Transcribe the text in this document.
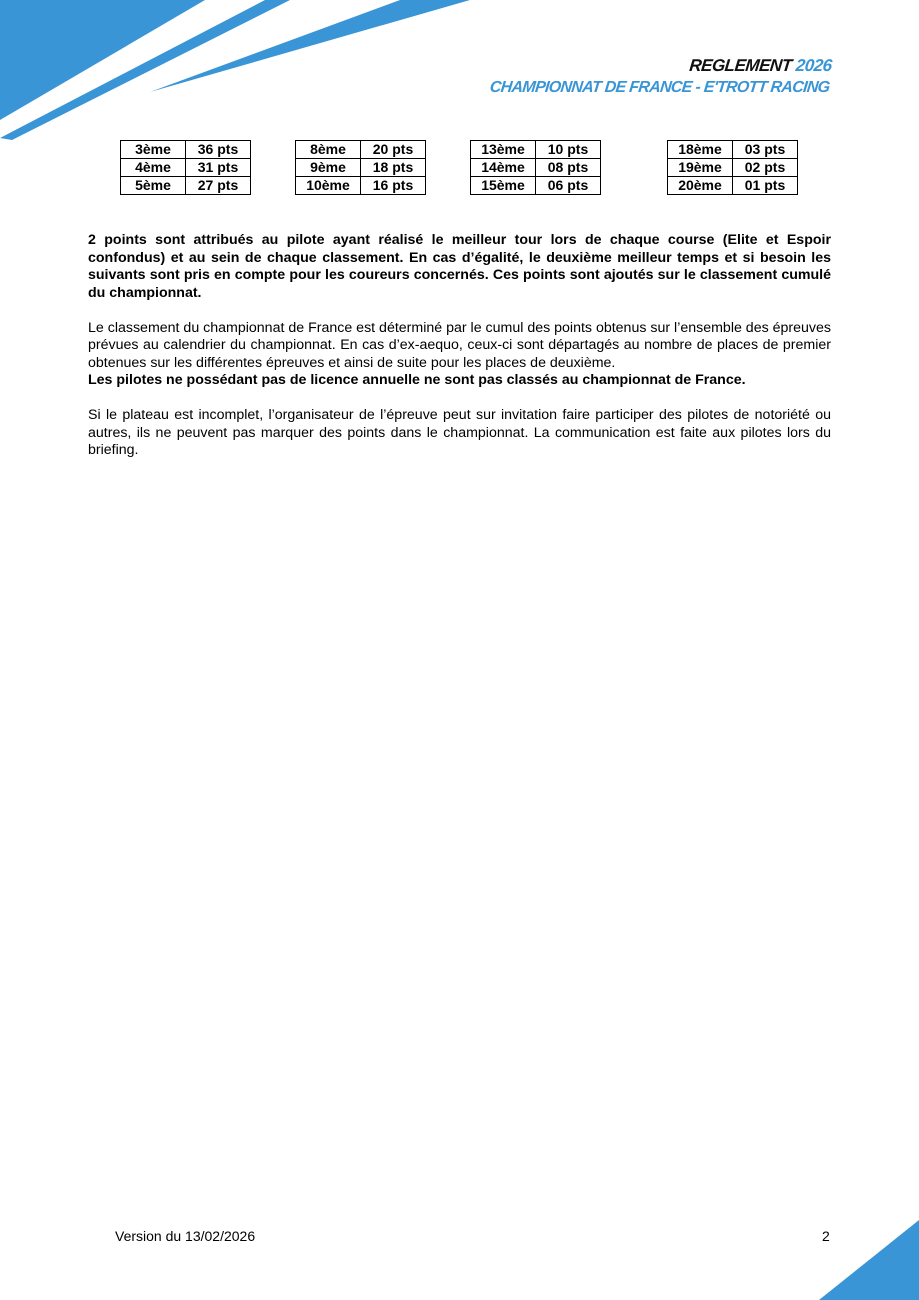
REGLEMENT 2026
CHAMPIONNAT DE FRANCE - E'TROTT RACING
3ème	36 pts
4ème	31 pts
5ème	27 pts
8ème	20 pts
9ème	18 pts
10ème	16 pts
13ème	10 pts
14ème	08 pts
15ème	06 pts
18ème	03 pts
19ème	02 pts
20ème	01 pts

2 points sont attribués au pilote ayant réalisé le meilleur tour lors de chaque course (Elite et Espoir confondus) et au sein de chaque classement. En cas d’égalité, le deuxième meilleur temps et si besoin les suivants sont pris en compte pour les coureurs concernés. Ces points sont ajoutés sur le classement cumulé du championnat.

Le classement du championnat de France est déterminé par le cumul des points obtenus sur l’ensemble des épreuves prévues au calendrier du championnat. En cas d’ex-aequo, ceux-ci sont départagés au nombre de places de premier obtenues sur les différentes épreuves et ainsi de suite pour les places de deuxième.
Les pilotes ne possédant pas de licence annuelle ne sont pas classés au championnat de France.

Si le plateau est incomplet, l’organisateur de l’épreuve peut sur invitation faire participer des pilotes de notoriété ou autres, ils ne peuvent pas marquer des points dans le championnat. La communication est faite aux pilotes lors du briefing.

Version du 13/02/2026	2
